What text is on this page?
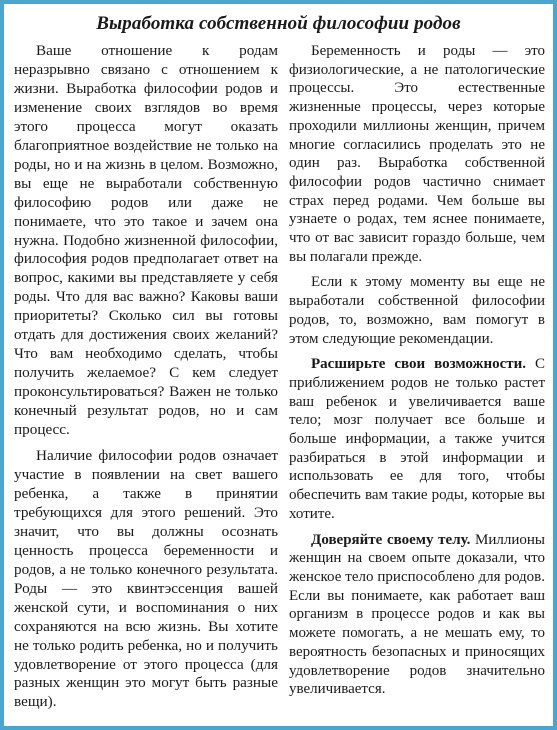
Выработка собственной философии родов

Ваше отношение к родам неразрывно связано с отношением к жизни. Выработка философии родов и изменение своих взглядов во время этого процесса могут оказать благоприятное воздействие не только на роды, но и на жизнь в целом. Возможно, вы еще не выработали собственную философию родов или даже не понимаете, что это такое и зачем она нужна. Подобно жизненной философии, философия родов предполагает ответ на вопрос, какими вы представляете у себя роды. Что для вас важно? Каковы ваши приоритеты? Сколько сил вы готовы отдать для достижения своих желаний? Что вам необходимо сделать, чтобы получить желаемое? С кем следует проконсультироваться? Важен не только конечный результат родов, но и сам процесс.

Наличие философии родов означает участие в появлении на свет вашего ребенка, а также в принятии требующихся для этого решений. Это значит, что вы должны осознать ценность процесса беременности и родов, а не только конечного результата. Роды — это квинтэссенция вашей женской сути, и воспоминания о них сохраняются на всю жизнь. Вы хотите не только родить ребенка, но и получить удовлетворение от этого процесса (для разных женщин это могут быть разные вещи).

Беременность и роды — это физиологические, а не патологические процессы. Это естественные жизненные процессы, через которые проходили миллионы женщин, причем многие согласились проделать это не один раз. Выработка собственной философии родов частично снимает страх перед родами. Чем больше вы узнаете о родах, тем яснее понимаете, что от вас зависит гораздо больше, чем вы полагали прежде.

Если к этому моменту вы еще не выработали собственной философии родов, то, возможно, вам помогут в этом следующие рекомендации.

Расширьте свои возможности. С приближением родов не только растет ваш ребенок и увеличивается ваше тело; мозг получает все больше и больше информации, а также учится разбираться в этой информации и использовать ее для того, чтобы обеспечить вам такие роды, которые вы хотите.

Доверяйте своему телу. Миллионы женщин на своем опыте доказали, что женское тело приспособлено для родов. Если вы понимаете, как работает ваш организм в процессе родов и как вы можете помогать, а не мешать ему, то вероятность безопасных и приносящих удовлетворение родов значительно увеличивается.
